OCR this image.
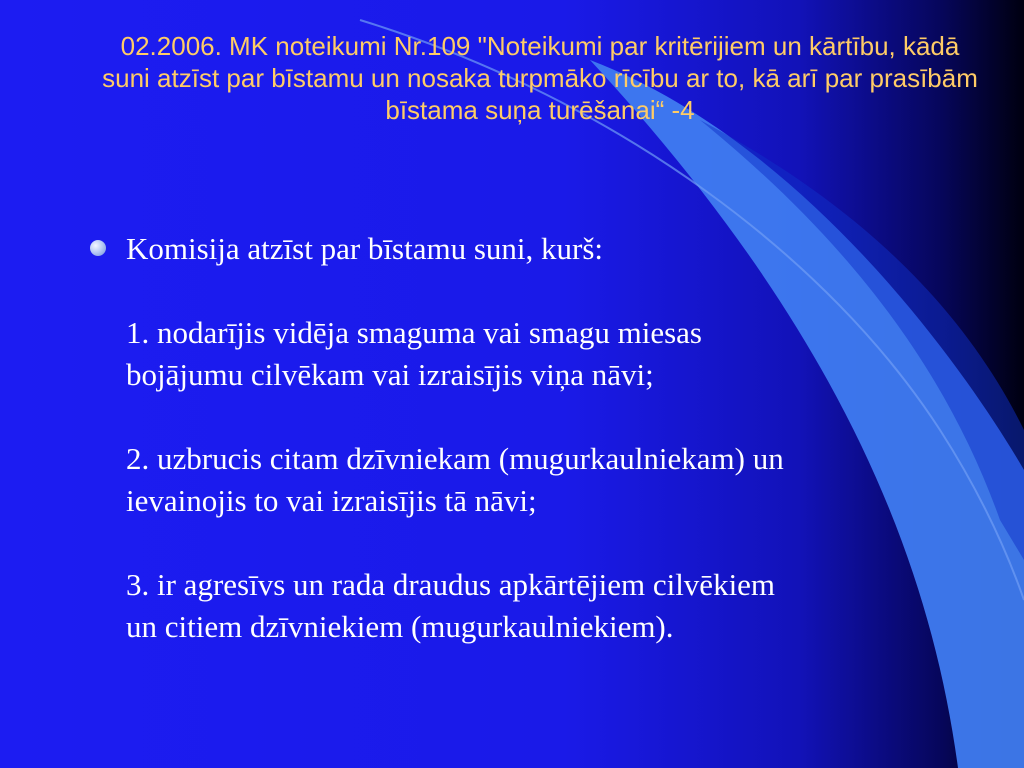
02.2006. MK noteikumi Nr.109 "Noteikumi par kritērijiem un kārtību, kādā suni atzīst par bīstamu un nosaka turpmāko rīcību ar to, kā arī par prasībām bīstama suņa turēšanai“ -4
Komisija atzīst par bīstamu suni, kurš:
1. nodarījis vidēja smaguma vai smagu miesas
bojājumu cilvēkam vai izraisījis viņa nāvi;
2. uzbrucis citam dzīvniekam (mugurkaulniekam) un
ievainojis to vai izraisījis tā nāvi;
3. ir agresīvs un rada draudus apkārtējiem cilvēkiem
un citiem dzīvniekiem (mugurkaulniekiem).
